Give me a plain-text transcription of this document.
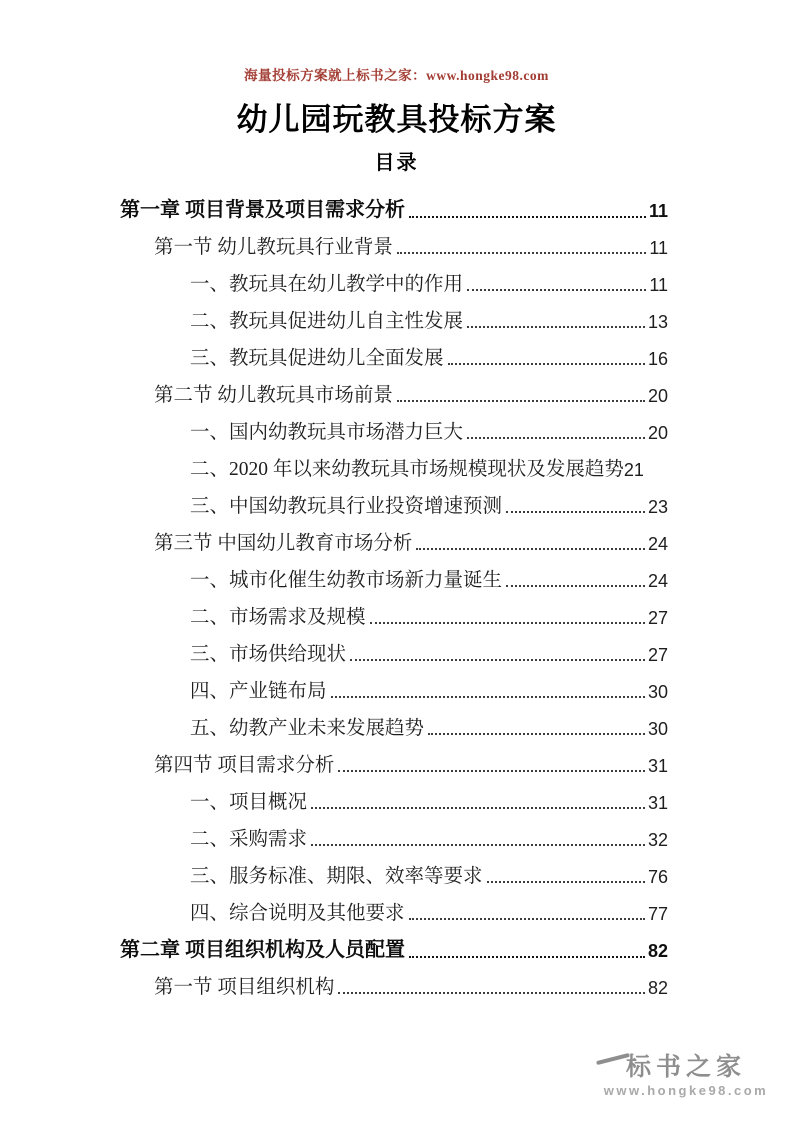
海量投标方案就上标书之家：www.hongke98.com
幼儿园玩教具投标方案
目录
第一章 项目背景及项目需求分析	11
第一节 幼儿教玩具行业背景	11
一、教玩具在幼儿教学中的作用	11
二、教玩具促进幼儿自主性发展	13
三、教玩具促进幼儿全面发展	16
第二节 幼儿教玩具市场前景	20
一、国内幼教玩具市场潜力巨大	20
二、2020 年以来幼教玩具市场规模现状及发展趋势 21
三、中国幼教玩具行业投资增速预测	23
第三节 中国幼儿教育市场分析	24
一、城市化催生幼教市场新力量诞生	24
二、市场需求及规模	27
三、市场供给现状	27
四、产业链布局	30
五、幼教产业未来发展趋势	30
第四节 项目需求分析	31
一、项目概况	31
二、采购需求	32
三、服务标准、期限、效率等要求	76
四、综合说明及其他要求	77
第二章 项目组织机构及人员配置	82
第一节 项目组织机构	82
标书之家
www.hongke98.com
